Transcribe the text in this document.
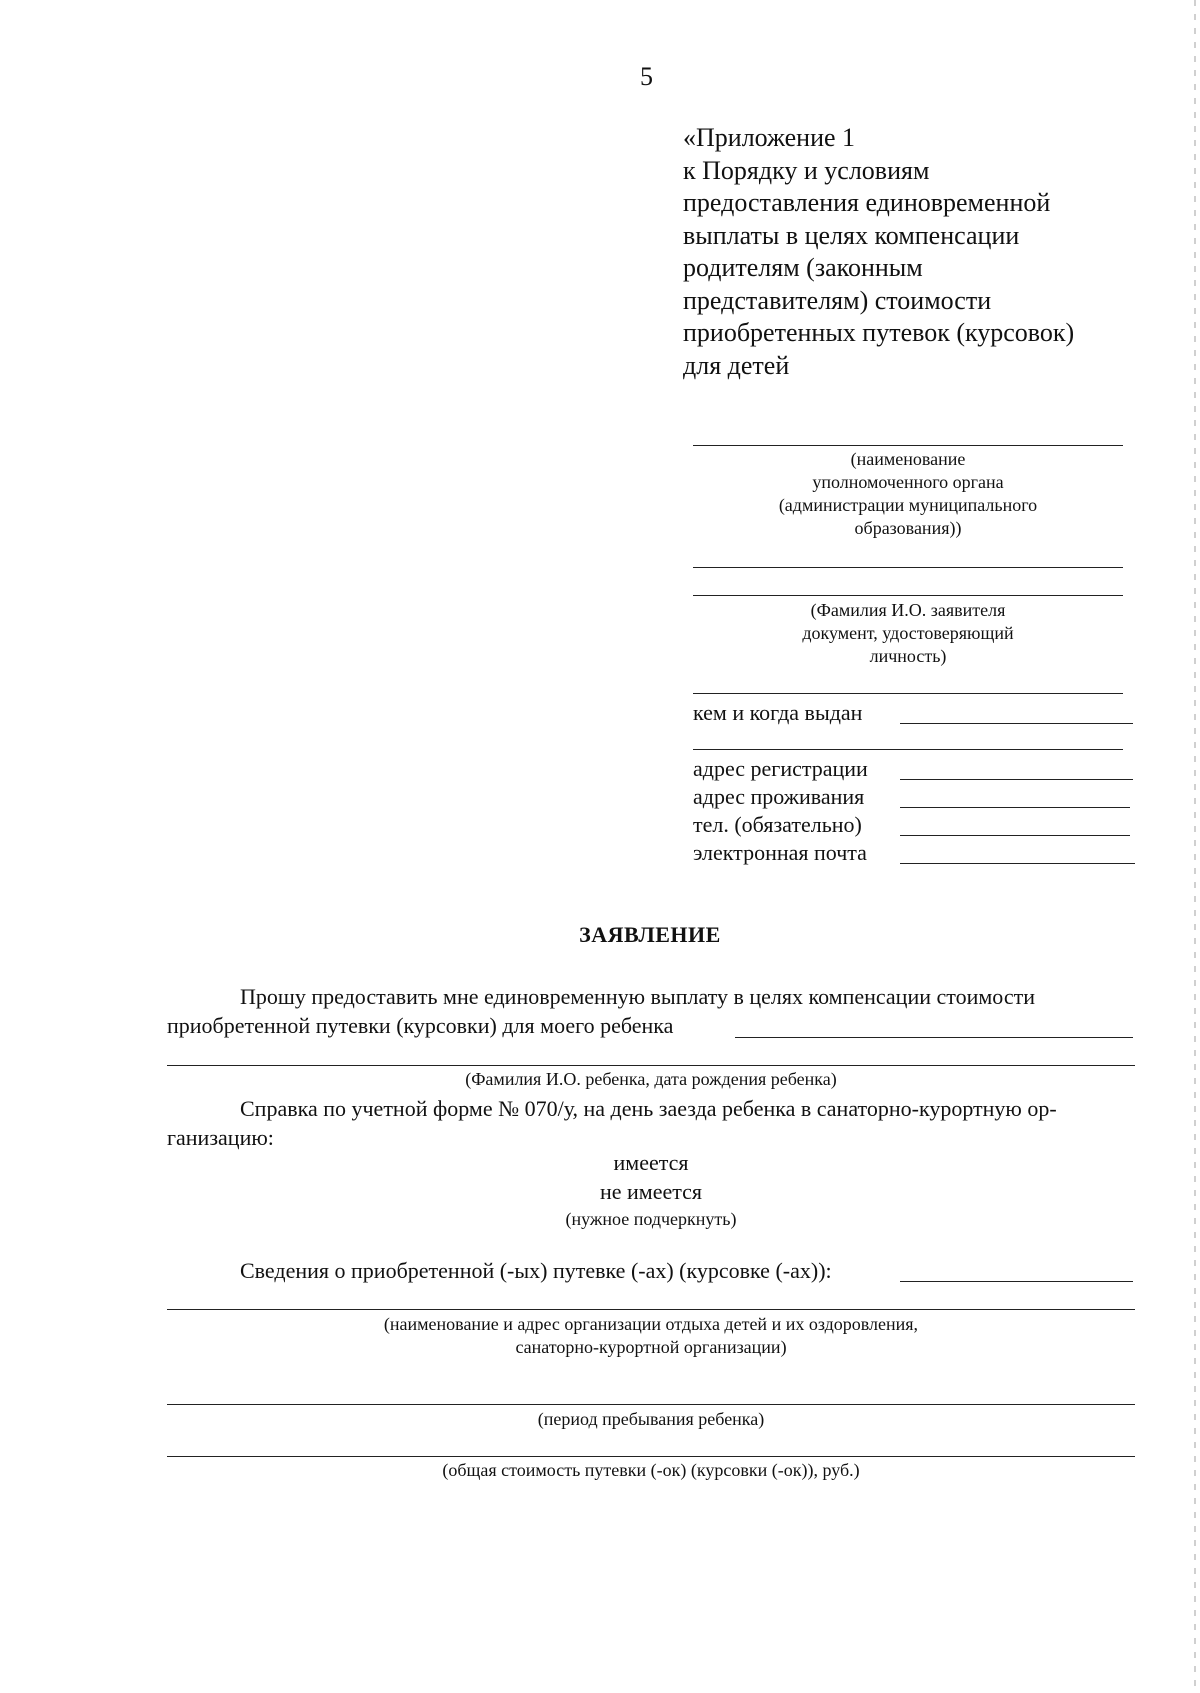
5
«Приложение 1
к Порядку и условиям
предоставления единовременной
выплаты в целях компенсации
родителям (законным
представителям) стоимости
приобретенных путевок (курсовок)
для детей
(наименование
уполномоченного органа
(администрации муниципального
образования))
(Фамилия И.О. заявителя
документ, удостоверяющий
личность)
кем и когда выдан
адрес регистрации
адрес проживания
тел. (обязательно)
электронная почта
ЗАЯВЛЕНИЕ
Прошу предоставить мне единовременную выплату в целях компенсации стоимости
приобретенной путевки (курсовки) для моего ребенка
(Фамилия И.О. ребенка, дата рождения ребенка)
Справка по учетной форме № 070/у, на день заезда ребенка в санаторно-курортную ор-
ганизацию:
имеется
не имеется
(нужное подчеркнуть)
Сведения о приобретенной (-ых) путевке (-ах) (курсовке (-ах)):
(наименование и адрес организации отдыха детей и их оздоровления,
санаторно-курортной организации)
(период пребывания ребенка)
(общая стоимость путевки (-ок) (курсовки (-ок)), руб.)
